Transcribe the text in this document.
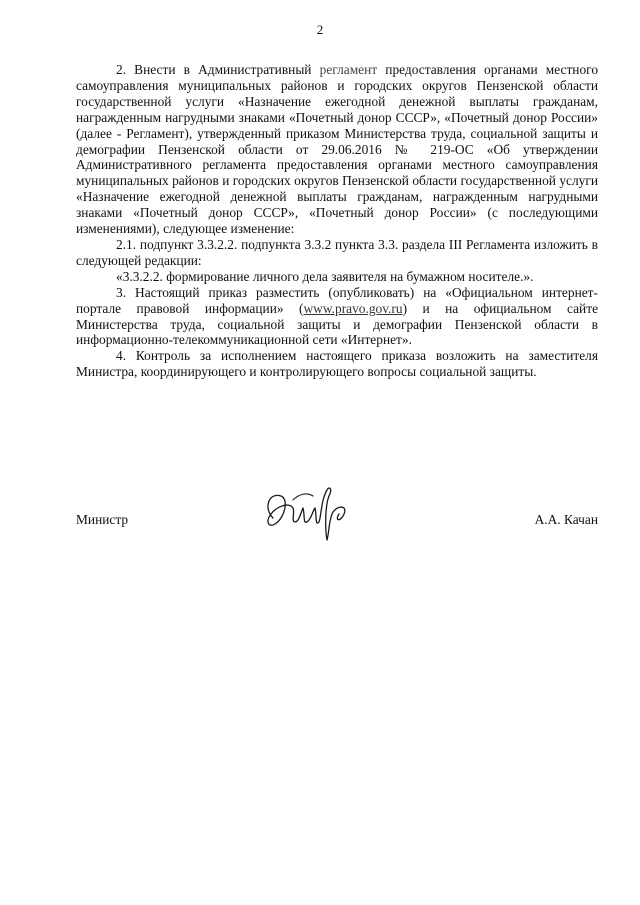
2

2. Внести в Административный регламент предоставления органами местного самоуправления муниципальных районов и городских округов Пензенской области государственной услуги «Назначение ежегодной денежной выплаты гражданам, награжденным нагрудными знаками «Почетный донор СССР», «Почетный донор России» (далее - Регламент), утвержденный приказом Министерства труда, социальной защиты и демографии Пензенской области от 29.06.2016 № 219-ОС «Об утверждении Административного регламента предоставления органами местного самоуправления муниципальных районов и городских округов Пензенской области государственной услуги «Назначение ежегодной денежной выплаты гражданам, награжденным нагрудными знаками «Почетный донор СССР», «Почетный донор России» (с последующими изменениями), следующее изменение:

2.1. подпункт 3.3.2.2. подпункта 3.3.2 пункта 3.3. раздела III Регламента изложить в следующей редакции:

«3.3.2.2. формирование личного дела заявителя на бумажном носителе.».

3. Настоящий приказ разместить (опубликовать) на «Официальном интернет-портале правовой информации» (www.pravo.gov.ru) и на официальном сайте Министерства труда, социальной защиты и демографии Пензенской области в информационно-телекоммуникационной сети «Интернет».

4. Контроль за исполнением настоящего приказа возложить на заместителя Министра, координирующего и контролирующего вопросы социальной защиты.

Министр	А.А. Качан
